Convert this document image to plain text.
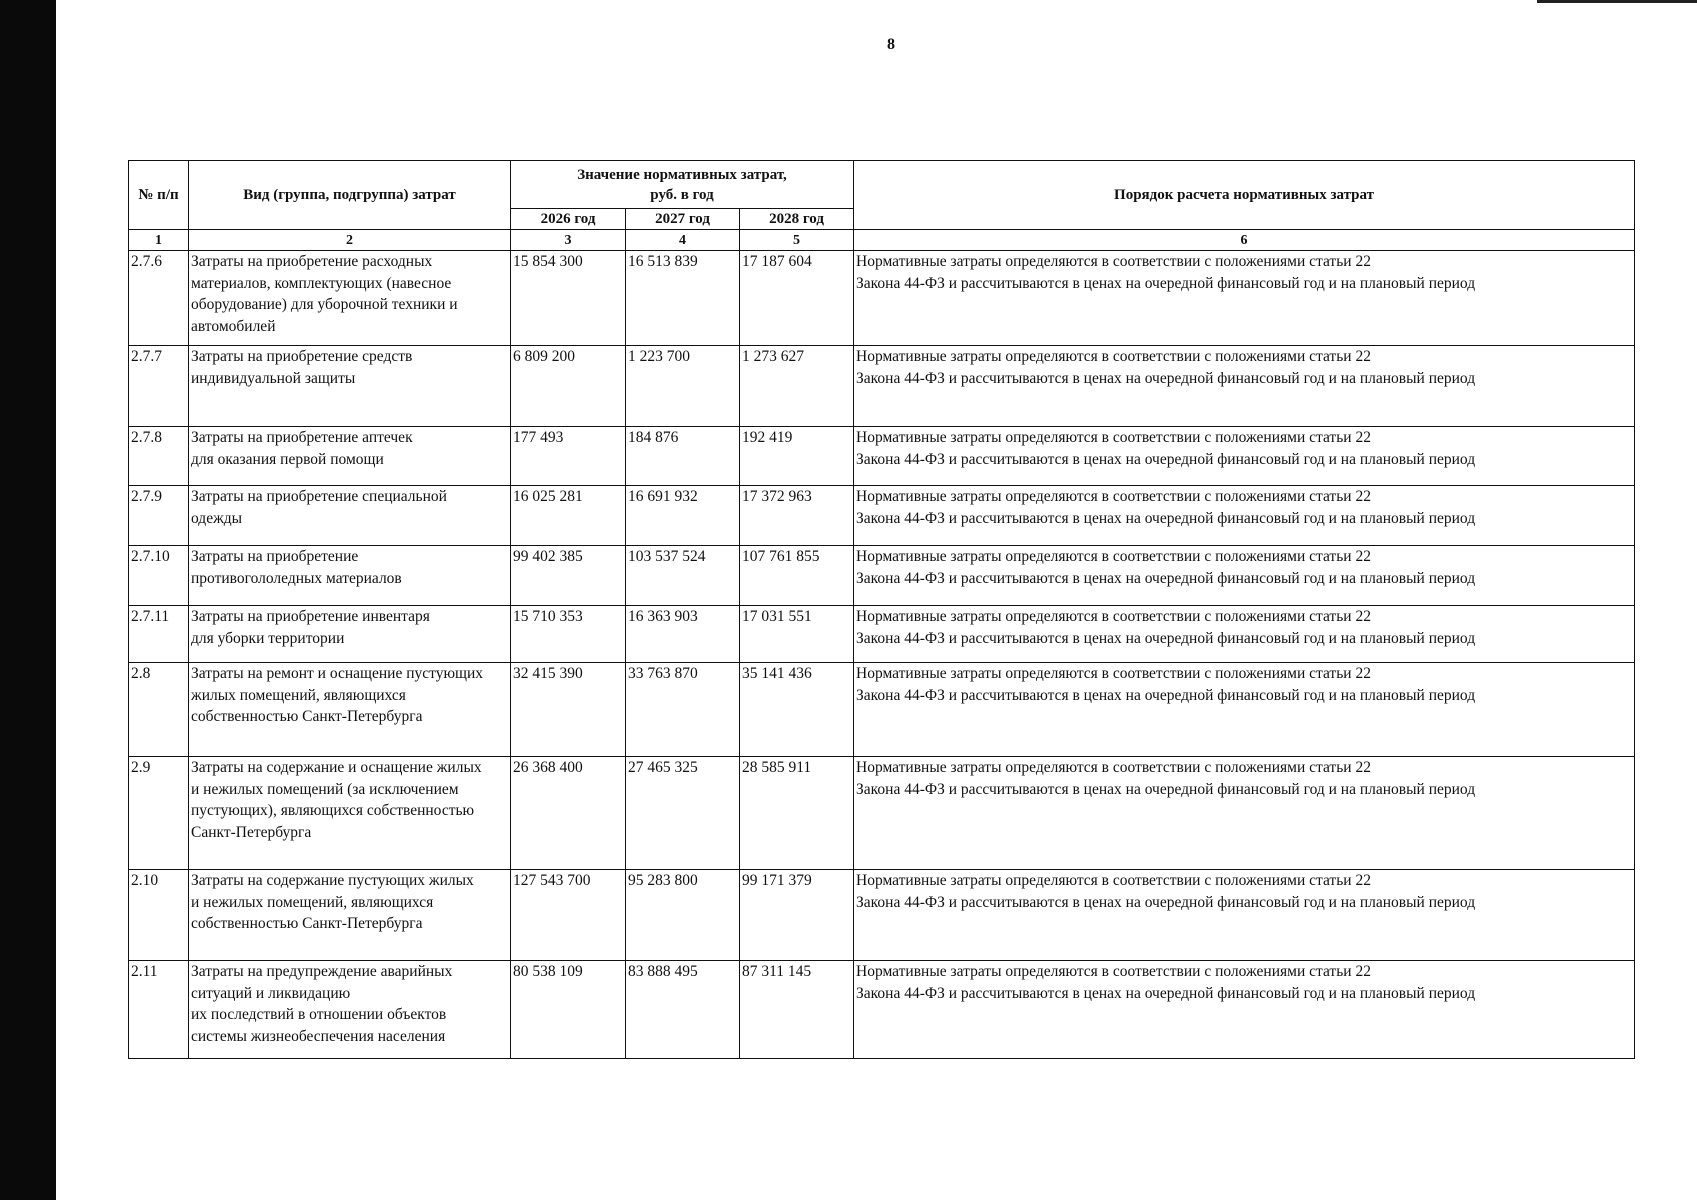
8
№ п/п	Вид (группа, подгруппа) затрат	Значение нормативных затрат,
руб. в год			Порядок расчета нормативных затрат
		2026 год	2027 год	2028 год	
1	2	3	4	5	6
2.7.6	Затраты на приобретение расходных
материалов, комплектующих (навесное
оборудование) для уборочной техники и
автомобилей	15 854 300	16 513 839	17 187 604	Нормативные затраты определяются в соответствии с положениями статьи 22
Закона 44-ФЗ и рассчитываются в ценах на очередной финансовый год и на плановый период

2.7.7	Затраты на приобретение средств
индивидуальной защиты	6 809 200	1 223 700	1 273 627	Нормативные затраты определяются в соответствии с положениями статьи 22
Закона 44-ФЗ и рассчитываются в ценах на очередной финансовый год и на плановый период

2.7.8	Затраты на приобретение аптечек
для оказания первой помощи	177 493	184 876	192 419	Нормативные затраты определяются в соответствии с положениями статьи 22
Закона 44-ФЗ и рассчитываются в ценах на очередной финансовый год и на плановый период

2.7.9	Затраты на приобретение специальной
одежды	16 025 281	16 691 932	17 372 963	Нормативные затраты определяются в соответствии с положениями статьи 22
Закона 44-ФЗ и рассчитываются в ценах на очередной финансовый год и на плановый период

2.7.10	Затраты на приобретение
противогололедных материалов	99 402 385	103 537 524	107 761 855	Нормативные затраты определяются в соответствии с положениями статьи 22
Закона 44-ФЗ и рассчитываются в ценах на очередной финансовый год и на плановый период

2.7.11	Затраты на приобретение инвентаря
для уборки территории	15 710 353	16 363 903	17 031 551	Нормативные затраты определяются в соответствии с положениями статьи 22
Закона 44-ФЗ и рассчитываются в ценах на очередной финансовый год и на плановый период

2.8	Затраты на ремонт и оснащение пустующих
жилых помещений, являющихся
собственностью Санкт-Петербурга	32 415 390	33 763 870	35 141 436	Нормативные затраты определяются в соответствии с положениями статьи 22
Закона 44-ФЗ и рассчитываются в ценах на очередной финансовый год и на плановый период

2.9	Затраты на содержание и оснащение жилых
и нежилых помещений (за исключением
пустующих), являющихся собственностью
Санкт-Петербурга	26 368 400	27 465 325	28 585 911	Нормативные затраты определяются в соответствии с положениями статьи 22
Закона 44-ФЗ и рассчитываются в ценах на очередной финансовый год и на плановый период

2.10	Затраты на содержание пустующих жилых
и нежилых помещений, являющихся
собственностью Санкт-Петербурга	127 543 700	95 283 800	99 171 379	Нормативные затраты определяются в соответствии с положениями статьи 22
Закона 44-ФЗ и рассчитываются в ценах на очередной финансовый год и на плановый период

2.11	Затраты на предупреждение аварийных
ситуаций и ликвидацию
их последствий в отношении объектов
системы жизнеобеспечения населения	80 538 109	83 888 495	87 311 145	Нормативные затраты определяются в соответствии с положениями статьи 22
Закона 44-ФЗ и рассчитываются в ценах на очередной финансовый год и на плановый период
